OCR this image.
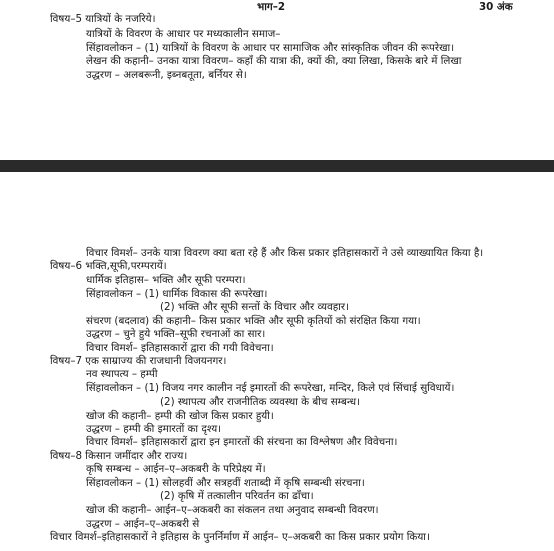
भाग–2	30 अंक
विषय–5 यात्रियों के नजरिये।
यात्रियों के विवरण के आधार पर मध्यकालीन समाज–
सिंहावलोकन – (1) यात्रियों के विवरण के आधार पर सामाजिक और सांस्कृतिक जीवन की रूपरेखा।
लेखन की कहानी– उनका यात्रा विवरण– कहाँ की यात्रा की, क्यों की, क्या लिखा, किसके बारे में लिखा
उद्धरण – अलबरूनी, इब्नबतूता, बर्नियर से।
विचार विमर्श– उनके यात्रा विवरण क्या बता रहे हैं और किस प्रकार इतिहासकारों ने उसे व्याख्यायित किया है।
विषय–6 भक्ति,सूफी,परम्परायें।
धार्मिक इतिहास– भक्ति और सूफी परम्परा।
सिंहावलोकन – (1) धार्मिक विकास की रूपरेखा।
(2) भक्ति और सूफी सन्तों के विचार और व्यवहार।
संचरण (बदलाव) की कहानी– किस प्रकार भक्ति और सूफी कृतियों को संरक्षित किया गया।
उद्धरण – चुने हुये भक्ति–सूफी रचनाओं का सार।
विचार विमर्श– इतिहासकारों द्वारा की गयी विवेचना।
विषय–7 एक साम्राज्य की राजधानी विजयनगर।
नव स्थापत्य – हम्पी
सिंहावलोकन – (1) विजय नगर कालीन नई इमारतों की रूपरेखा, मन्दिर, किले एवं सिंचाई सुविधायें।
(2) स्थापत्य और राजनीतिक व्यवस्था के बीच सम्बन्ध।
खोज की कहानी– हम्पी की खोज किस प्रकार हुयी।
उद्धरण – हम्पी की इमारतों का दृश्य।
विचार विमर्श– इतिहासकारों द्वारा इन इमारतों की संरचना का विश्लेषण और विवेचना।
विषय–8 किसान जमींदार और राज्य।
कृषि सम्बन्ध – आईन–ए–अकबरी के परिप्रेक्ष्य में।
सिंहावलोकन – (1) सोलहवीं और सत्रहवीं शताब्दी में कृषि सम्बन्धी संरचना।
(2) कृषि में तत्कालीन परिवर्तन का ढाँचा।
खोज की कहानी– आईन–ए–अकबरी का संकलन तथा अनुवाद सम्बन्धी विवरण।
उद्धरण – आईन–ए–अकबरी से
विचार विमर्श–इतिहासकारों ने इतिहास के पुनर्निर्माण में आईन– ए–अकबरी का किस प्रकार प्रयोग किया।
